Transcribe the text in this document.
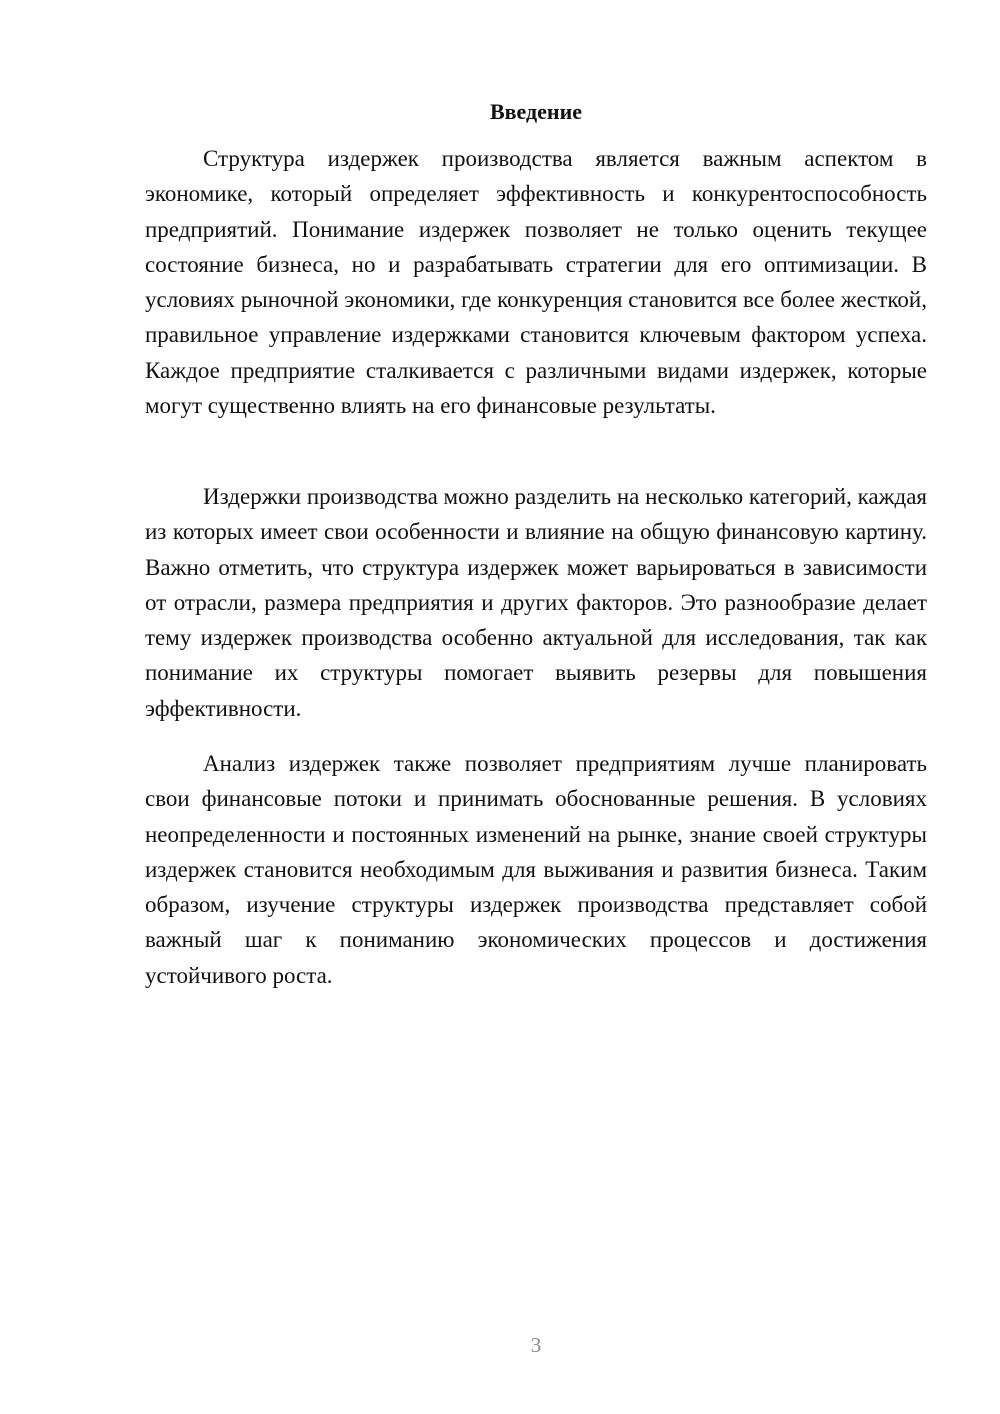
Введение

Структура издержек производства является важным аспектом в экономике, который определяет эффективность и конкурентоспособность предприятий. Понимание издержек позволяет не только оценить текущее состояние бизнеса, но и разрабатывать стратегии для его оптимизации. В условиях рыночной экономики, где конкуренция становится все более жесткой, правильное управление издержками становится ключевым фактором успеха. Каждое предприятие сталкивается с различными видами издержек, которые могут существенно влиять на его финансовые результаты.

Издержки производства можно разделить на несколько категорий, каждая из которых имеет свои особенности и влияние на общую финансовую картину. Важно отметить, что структура издержек может варьироваться в зависимости от отрасли, размера предприятия и других факторов. Это разнообразие делает тему издержек производства особенно актуальной для исследования, так как понимание их структуры помогает выявить резервы для повышения эффективности.

Анализ издержек также позволяет предприятиям лучше планировать свои финансовые потоки и принимать обоснованные решения. В условиях неопределенности и постоянных изменений на рынке, знание своей структуры издержек становится необходимым для выживания и развития бизнеса. Таким образом, изучение структуры издержек производства представляет собой важный шаг к пониманию экономических процессов и достижения устойчивого роста.

3
